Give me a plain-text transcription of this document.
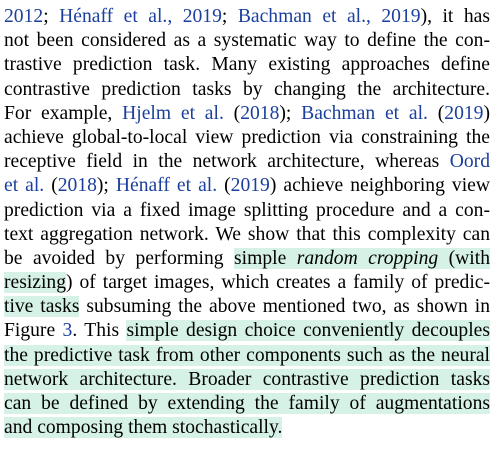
2012; Hénaff et al., 2019; Bachman et al., 2019), it has
not been considered as a systematic way to define the con-
trastive prediction task. Many existing approaches define
contrastive prediction tasks by changing the architecture.
For example, Hjelm et al. (2018); Bachman et al. (2019)
achieve global-to-local view prediction via constraining the
receptive field in the network architecture, whereas Oord
et al. (2018); Hénaff et al. (2019) achieve neighboring view
prediction via a fixed image splitting procedure and a con-
text aggregation network. We show that this complexity can
be avoided by performing simple random cropping (with
resizing) of target images, which creates a family of predic-
tive tasks subsuming the above mentioned two, as shown in
Figure 3. This simple design choice conveniently decouples
the predictive task from other components such as the neural
network architecture. Broader contrastive prediction tasks
can be defined by extending the family of augmentations
and composing them stochastically.
